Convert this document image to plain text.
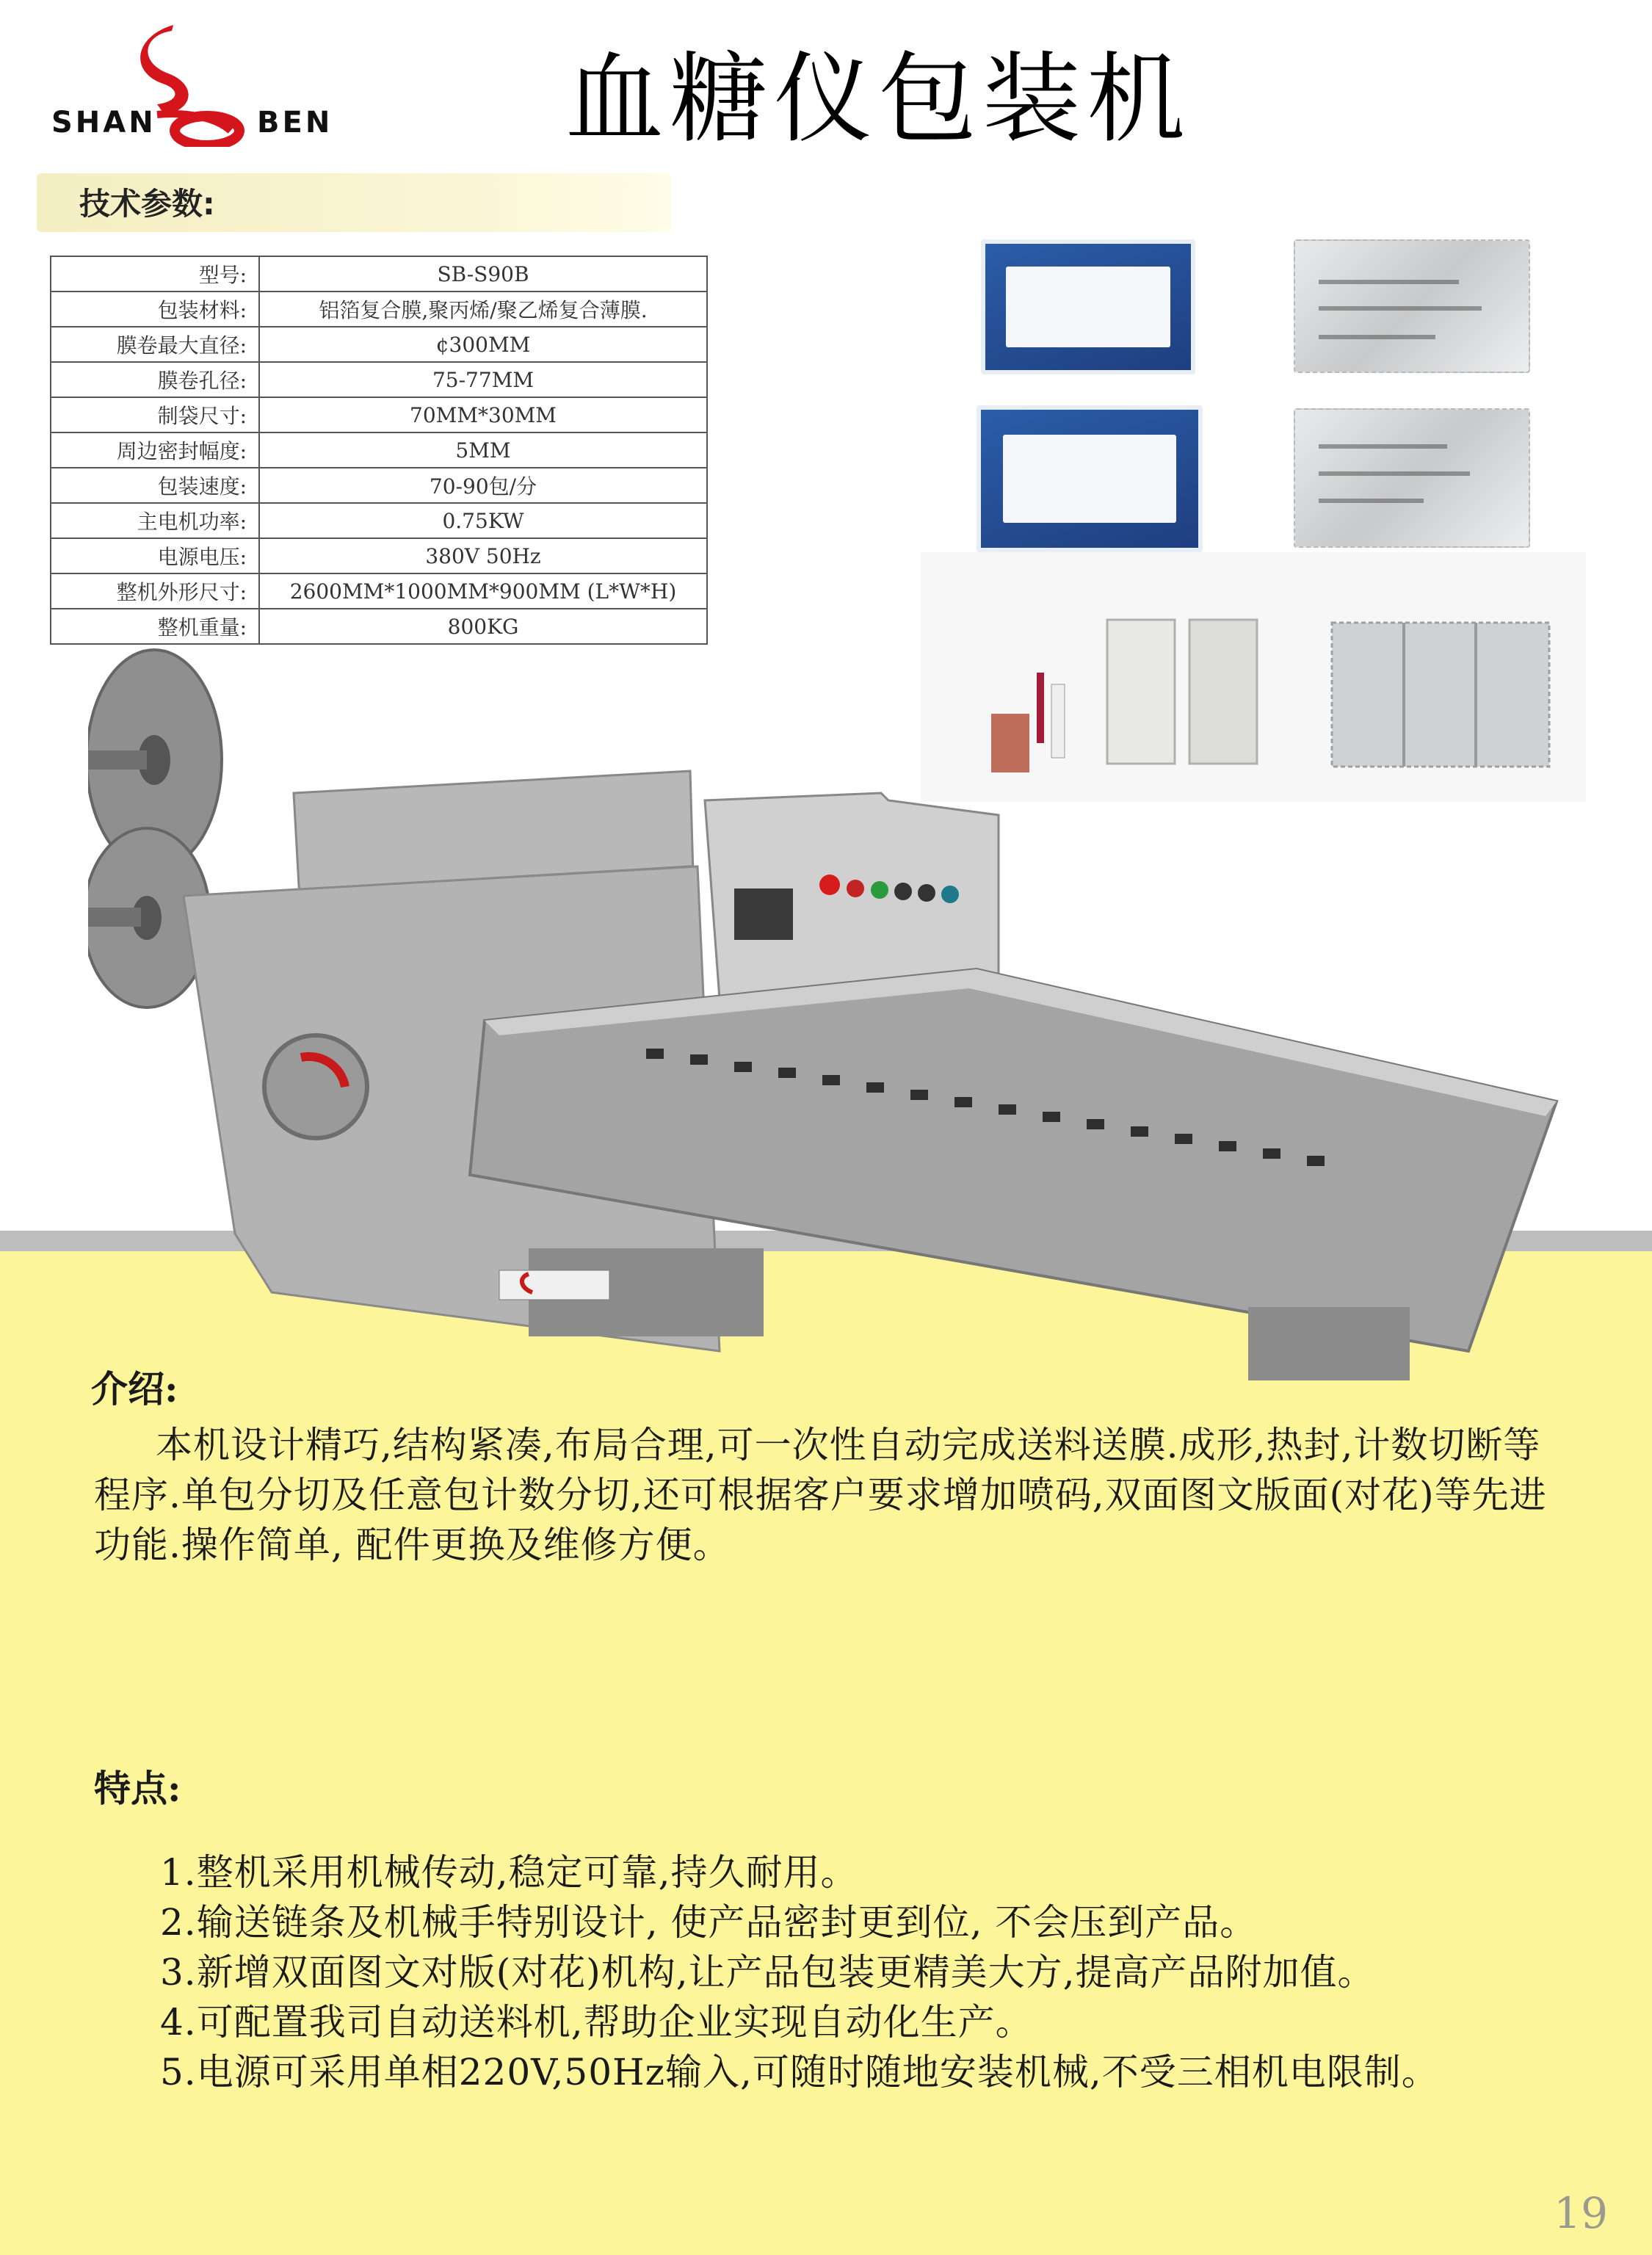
SHAN	BEN 血糖仪包装机
技术参数:
型号:	SB-S90B
包装材料:	铝箔复合膜,聚丙烯/聚乙烯复合薄膜.
膜卷最大直径:	¢300MM
膜卷孔径:	75-77MM
制袋尺寸:	70MM*30MM
周边密封幅度:	5MM
包装速度:	70-90包/分
主电机功率:	0.75KW
电源电压:	380V 50Hz
整机外形尺寸:	2600MM*1000MM*900MM (L*W*H)
整机重量:	800KG
介绍:
本机设计精巧,结构紧凑,布局合理,可一次性自动完成送料送膜.成形,热封,计数切断等程序.单包分切及任意包计数分切,还可根据客户要求增加喷码,双面图文版面(对花)等先进功能.操作简单, 配件更换及维修方便。
特点:
1.整机采用机械传动,稳定可靠,持久耐用。
2.输送链条及机械手特别设计, 使产品密封更到位, 不会压到产品。
3.新增双面图文对版(对花)机构,让产品包装更精美大方,提高产品附加值。
4.可配置我司自动送料机,帮助企业实现自动化生产。
5.电源可采用单相220V,50Hz输入,可随时随地安装机械,不受三相机电限制。
19
